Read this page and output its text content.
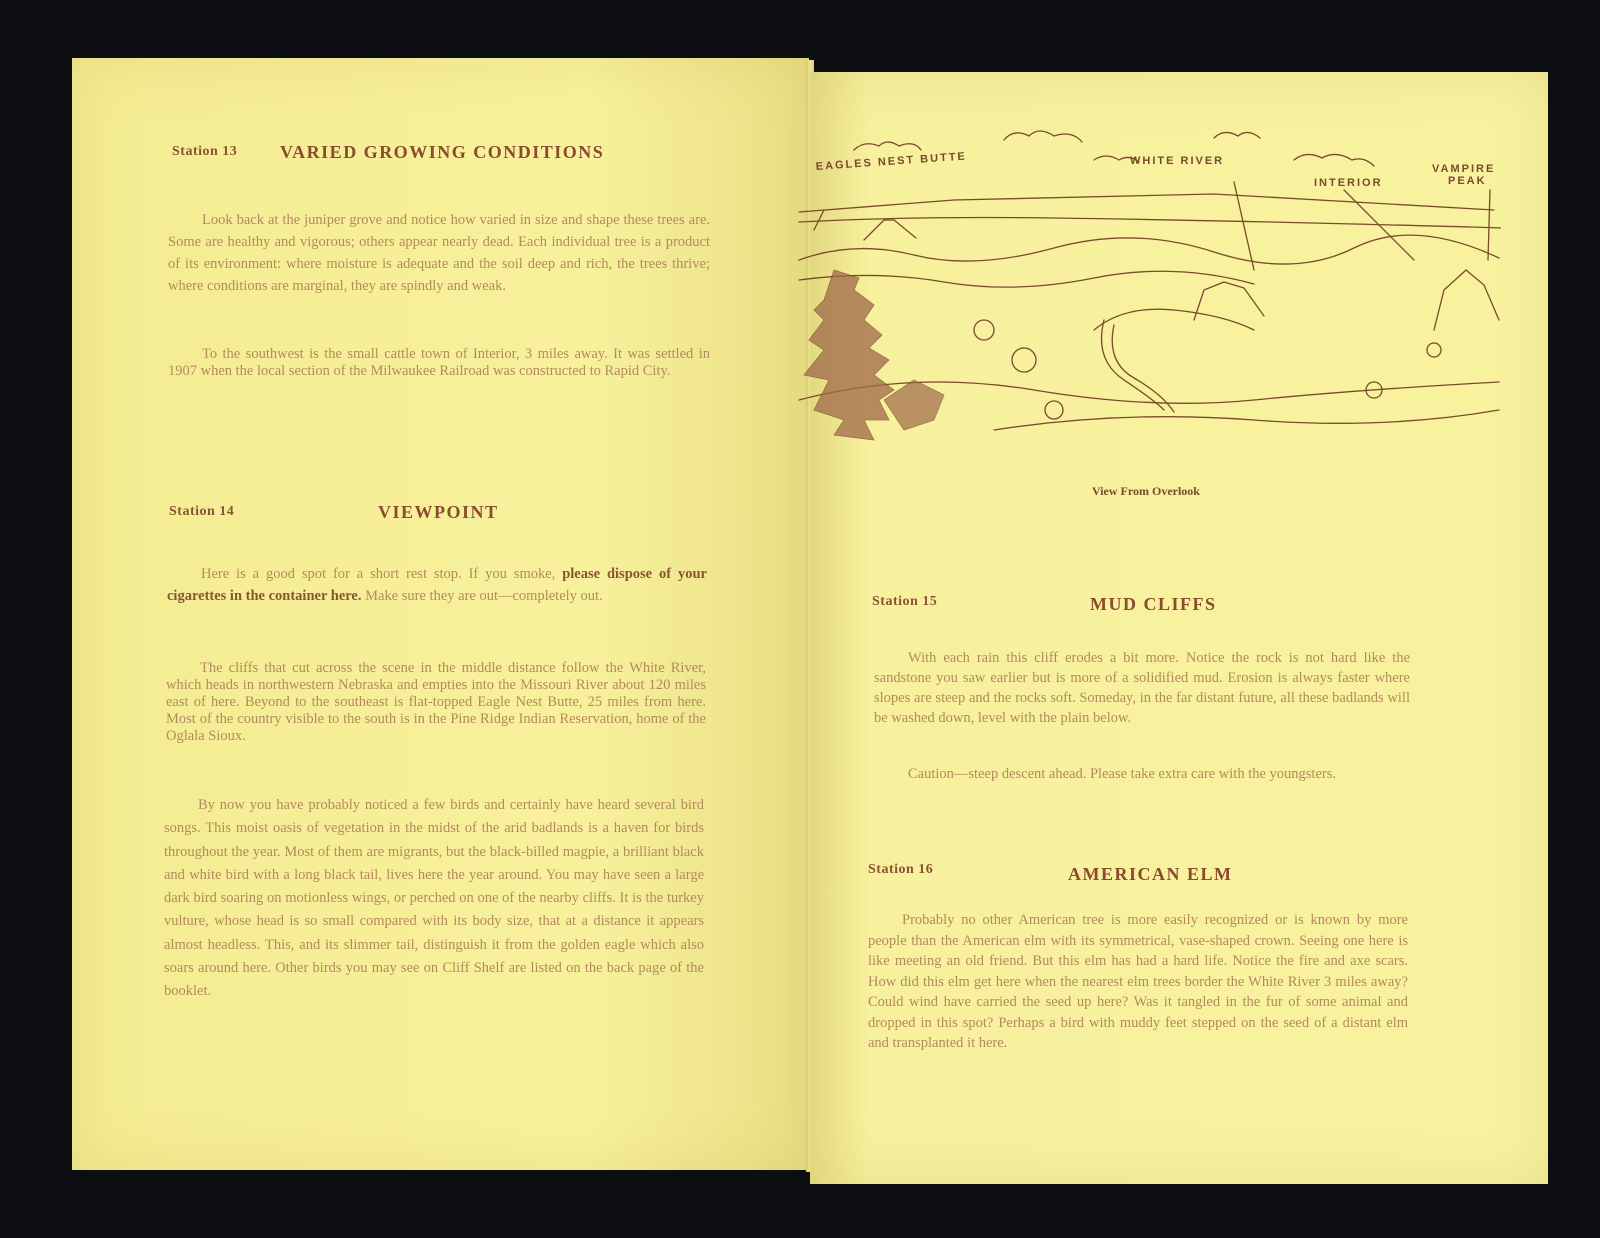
Station 13 VARIED GROWING CONDITIONS

Look back at the juniper grove and notice how varied in size and shape these trees are. Some are healthy and vigorous; others appear nearly dead. Each individual tree is a product of its environment: where moisture is adequate and the soil deep and rich, the trees thrive; where conditions are marginal, they are spindly and weak.

To the southwest is the small cattle town of Interior, 3 miles away. It was settled in 1907 when the local section of the Milwaukee Railroad was constructed to Rapid City.

Station 14	VIEWPOINT

Here is a good spot for a short rest stop. If you smoke, please dispose of your cigarettes in the container here. Make sure they are out—completely out.

The cliffs that cut across the scene in the middle distance follow the White River, which heads in northwestern Nebraska and empties into the Missouri River about 120 miles east of here. Beyond to the southeast is flat-topped Eagle Nest Butte, 25 miles from here. Most of the country visible to the south is in the Pine Ridge Indian Reservation, home of the Oglala Sioux.

By now you have probably noticed a few birds and certainly have heard several bird songs. This moist oasis of vegetation in the midst of the arid badlands is a haven for birds throughout the year. Most of them are migrants, but the black-billed magpie, a brilliant black and white bird with a long black tail, lives here the year around. You may have seen a large dark bird soaring on motionless wings, or perched on one of the nearby cliffs. It is the turkey vulture, whose head is so small compared with its body size, that at a distance it appears almost headless. This, and its slimmer tail, distinguish it from the golden eagle which also soars around here. Other birds you may see on Cliff Shelf are listed on the back page of the booklet.

EAGLES NEST BUTTE	WHITE RIVER
INTERIOR
VAMPIRE
PEAK
View From Overlook
Station 15	MUD CLIFFS

With each rain this cliff erodes a bit more. Notice the rock is not hard like the sandstone you saw earlier but is more of a solidified mud. Erosion is always faster where slopes are steep and the rocks soft. Someday, in the far distant future, all these badlands will be washed down, level with the plain below.

Caution—steep descent ahead. Please take extra care with the youngsters.

Station 16	AMERICAN ELM

Probably no other American tree is more easily recognized or is known by more people than the American elm with its symmetrical, vase-shaped crown. Seeing one here is like meeting an old friend. But this elm has had a hard life. Notice the fire and axe scars. How did this elm get here when the nearest elm trees border the White River 3 miles away? Could wind have carried the seed up here? Was it tangled in the fur of some animal and dropped in this spot? Perhaps a bird with muddy feet stepped on the seed of a distant elm and transplanted it here.
